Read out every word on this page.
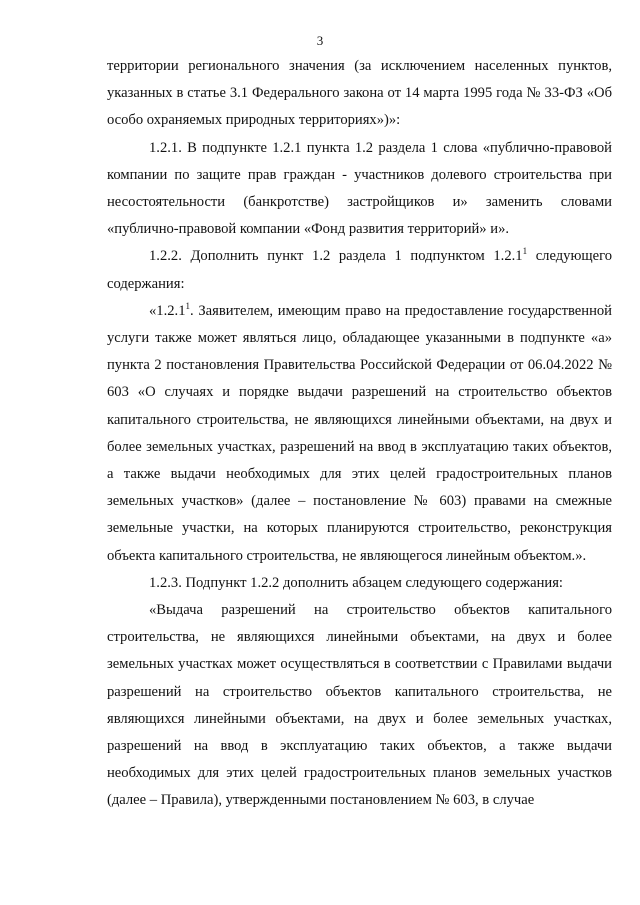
3

территории регионального значения (за исключением населенных пунктов, указанных в статье 3.1 Федерального закона от 14 марта 1995 года № 33-ФЗ «Об особо охраняемых природных территориях»)»:

1.2.1. В подпункте 1.2.1 пункта 1.2 раздела 1 слова «публично-правовой компании по защите прав граждан - участников долевого строительства при несостоятельности (банкротстве) застройщиков и» заменить словами «публично-правовой компании «Фонд развития территорий» и».

1.2.2. Дополнить пункт 1.2 раздела 1 подпунктом 1.2.1$^1$ следующего содержания:

«1.2.1$^1$. Заявителем, имеющим право на предоставление государственной услуги также может являться лицо, обладающее указанными в подпункте «а» пункта 2 постановления Правительства Российской Федерации от 06.04.2022 № 603 «О случаях и порядке выдачи разрешений на строительство объектов капитального строительства, не являющихся линейными объектами, на двух и более земельных участках, разрешений на ввод в эксплуатацию таких объектов, а также выдачи необходимых для этих целей градостроительных планов земельных участков» (далее – постановление № 603) правами на смежные земельные участки, на которых планируются строительство, реконструкция объекта капитального строительства, не являющегося линейным объектом.».

1.2.3. Подпункт 1.2.2 дополнить абзацем следующего содержания:

«Выдача разрешений на строительство объектов капитального строительства, не являющихся линейными объектами, на двух и более земельных участках может осуществляться в соответствии с Правилами выдачи разрешений на строительство объектов капитального строительства, не являющихся линейными объектами, на двух и более земельных участках, разрешений на ввод в эксплуатацию таких объектов, а также выдачи необходимых для этих целей градостроительных планов земельных участков (далее – Правила), утвержденными постановлением № 603, в случае
